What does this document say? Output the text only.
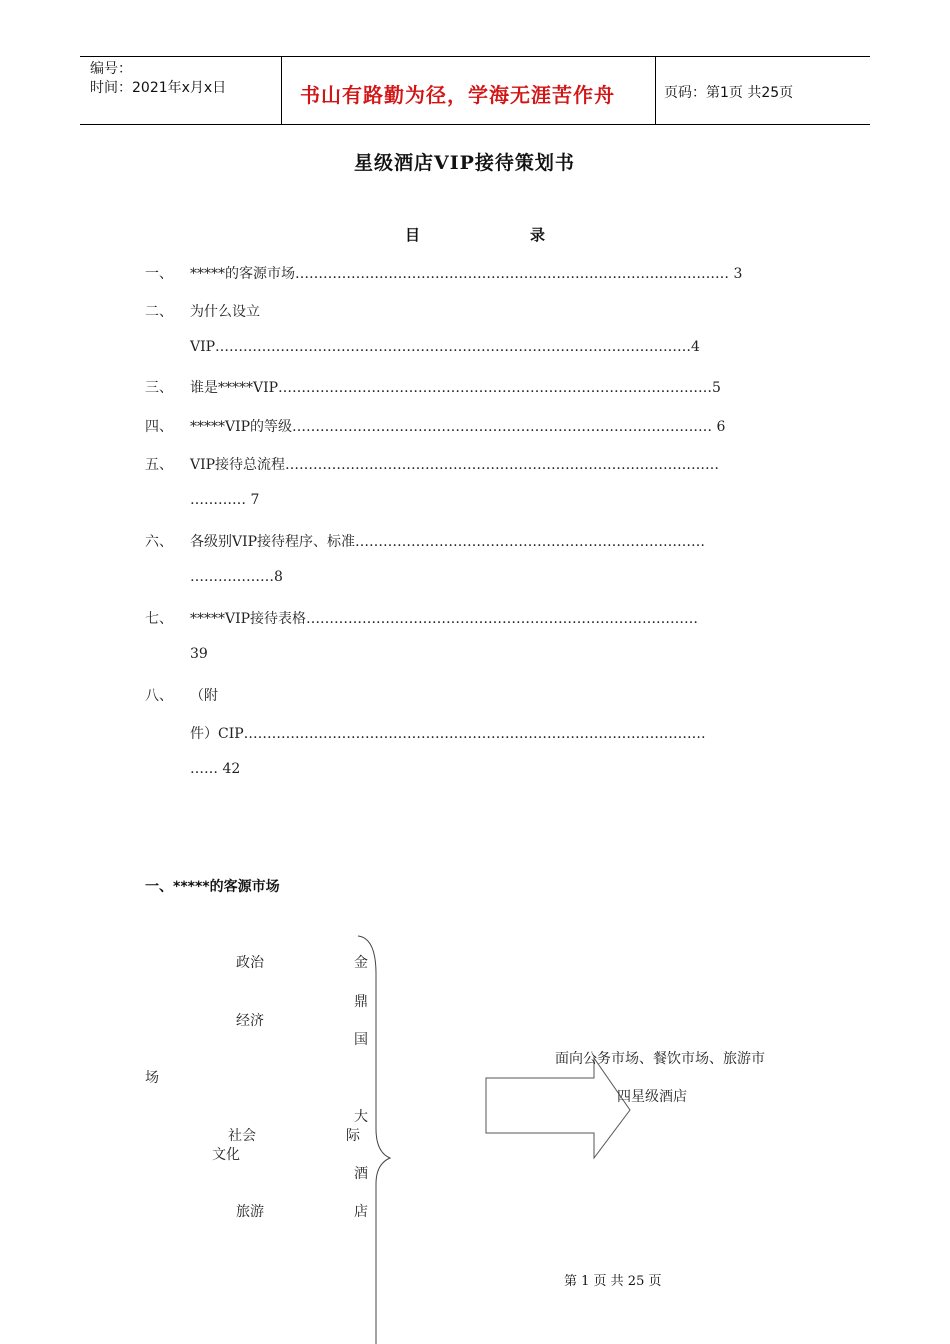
编号：
时间：2021年x月x日	书山有路勤为径，学海无涯苦作舟	页码：第1页 共25页
星级酒店VIP接待策划书
目	录
一、 *****的客源市场………………………………………………………………………………… 3
二、 为什么设立
VIP…………………………………………………………………………………………4
三、 谁是*****VIP…………………………………………………………………………………5
四、 *****VIP的等级……………………………………………………………………………… 6
五、 VIP接待总流程…………………………………………………………………………………
………… 7
六、 各级别VIP接待程序、标准…………………………………………………………………
………………8
七、 *****VIP接待表格…………………………………………………………………………
39
八、 （附
件）CIP………………………………………………………………………………………
…… 42
一、*****的客源市场
政治
经济
场
社会
文化
旅游
金
鼎
国
大
际
酒
店
面向公务市场、餐饮市场、旅游市
四星级酒店
第 1 页 共 25 页
